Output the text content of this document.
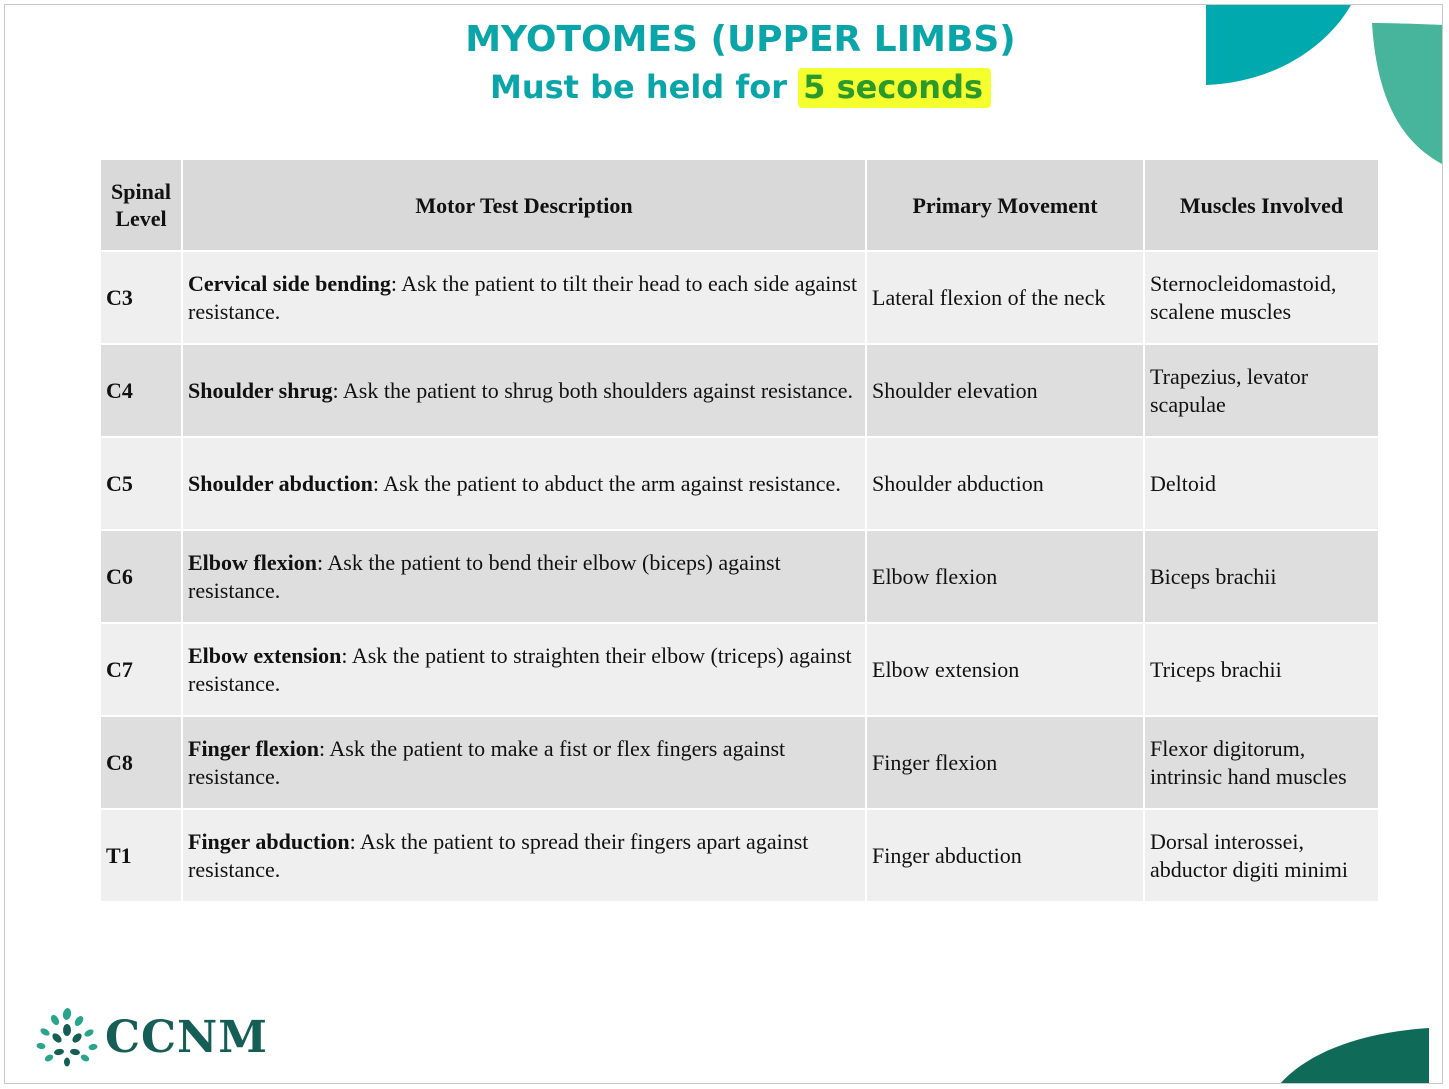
MYOTOMES (UPPER LIMBS)
Must be held for 5 seconds
Spinal Level	Motor Test Description	Primary Movement	Muscles Involved
C3	Cervical side bending: Ask the patient to tilt their head to each side against resistance.	Lateral flexion of the neck	Sternocleidomastoid, scalene muscles
C4	Shoulder shrug: Ask the patient to shrug both shoulders against resistance.	Shoulder elevation	Trapezius, levator scapulae
C5	Shoulder abduction: Ask the patient to abduct the arm against resistance.	Shoulder abduction	Deltoid
C6	Elbow flexion: Ask the patient to bend their elbow (biceps) against resistance.	Elbow flexion	Biceps brachii
C7	Elbow extension: Ask the patient to straighten their elbow (triceps) against resistance.	Elbow extension	Triceps brachii
C8	Finger flexion: Ask the patient to make a fist or flex fingers against resistance.	Finger flexion	Flexor digitorum, intrinsic hand muscles
T1	Finger abduction: Ask the patient to spread their fingers apart against resistance.	Finger abduction	Dorsal interossei, abductor digiti minimi
CCNM
